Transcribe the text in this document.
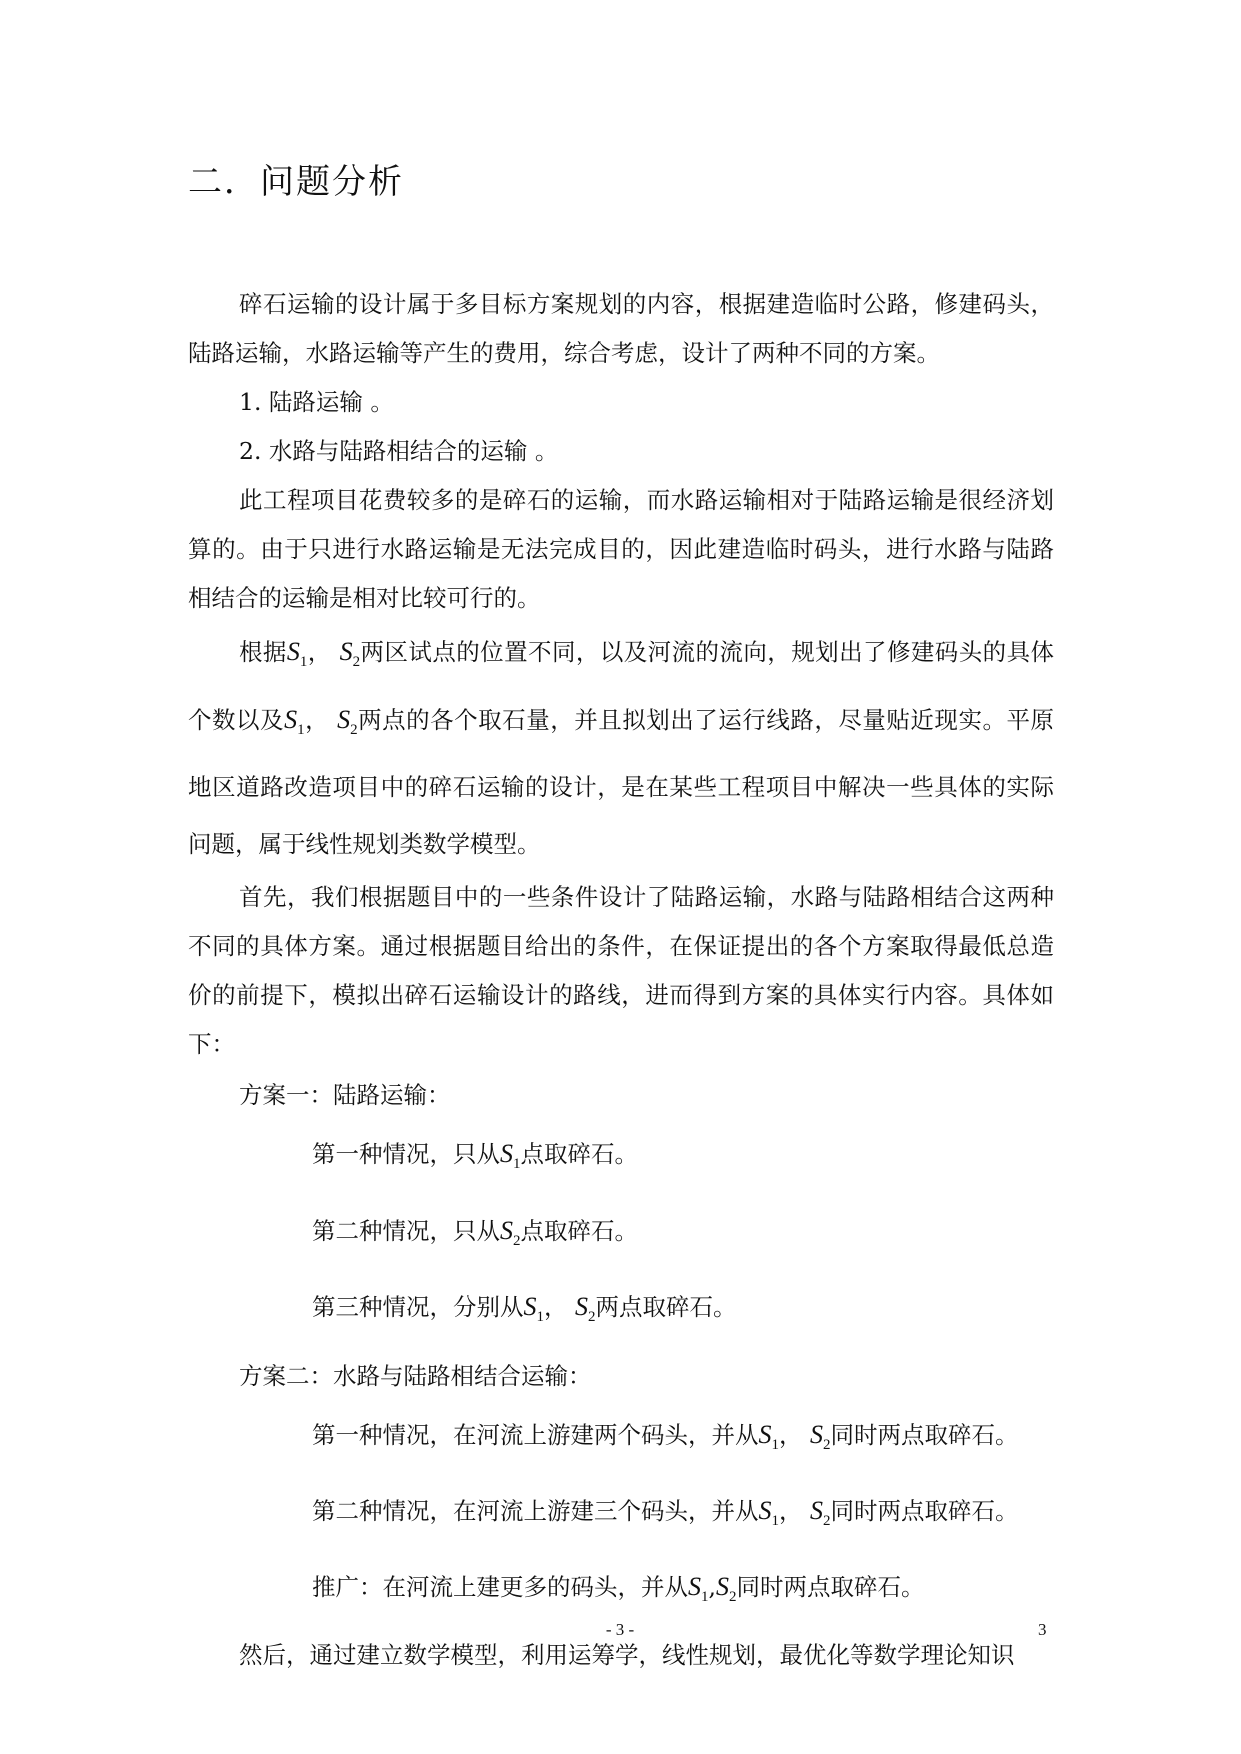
二．问题分析

碎石运输的设计属于多目标方案规划的内容，根据建造临时公路，修建码头，陆路运输，水路运输等产生的费用，综合考虑，设计了两种不同的方案。

1. 陆路运输 。

2. 水路与陆路相结合的运输 。

此工程项目花费较多的是碎石的运输，而水路运输相对于陆路运输是很经济划算的。由于只进行水路运输是无法完成目的，因此建造临时码头，进行水路与陆路相结合的运输是相对比较可行的。

根据$S_1$， $S_2$两区试点的位置不同，以及河流的流向，规划出了修建码头的具体个数以及$S_1$， $S_2$两点的各个取石量，并且拟划出了运行线路，尽量贴近现实。平原地区道路改造项目中的碎石运输的设计，是在某些工程项目中解决一些具体的实际问题，属于线性规划类数学模型。

首先，我们根据题目中的一些条件设计了陆路运输，水路与陆路相结合这两种不同的具体方案。通过根据题目给出的条件，在保证提出的各个方案取得最低总造价的前提下，模拟出碎石运输设计的路线，进而得到方案的具体实行内容。具体如下：

方案一：陆路运输：

第一种情况，只从$S_1$点取碎石。

第二种情况，只从$S_2$点取碎石。

第三种情况，分别从$S_1$， $S_2$两点取碎石。

方案二：水路与陆路相结合运输：

第一种情况，在河流上游建两个码头，并从$S_1$， $S_2$同时两点取碎石。

第二种情况，在河流上游建三个码头，并从$S_1$， $S_2$同时两点取碎石。

推广：在河流上建更多的码头，并从$S_1,S_2$同时两点取碎石。

然后，通过建立数学模型，利用运筹学，线性规划，最优化等数学理论知识

- 3 -	3
